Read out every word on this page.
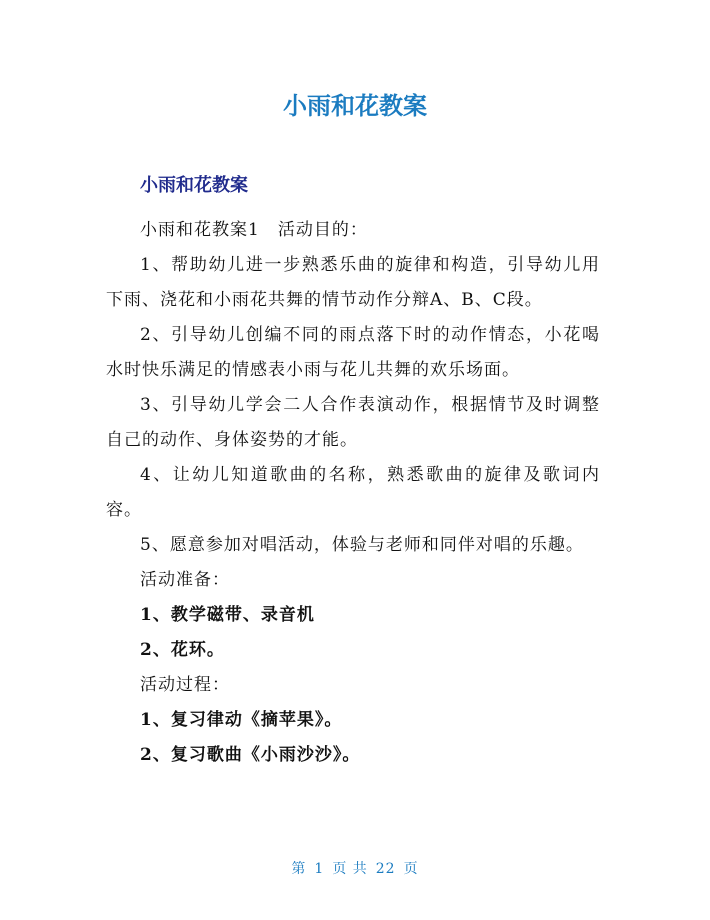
小雨和花教案
小雨和花教案

小雨和花教案1　活动目的：

1、帮助幼儿进一步熟悉乐曲的旋律和构造，引导幼儿用下雨、浇花和小雨花共舞的情节动作分辩A、B、C段。

2、引导幼儿创编不同的雨点落下时的动作情态，小花喝水时快乐满足的情感表小雨与花儿共舞的欢乐场面。

3、引导幼儿学会二人合作表演动作，根据情节及时调整自己的动作、身体姿势的才能。

4、让幼儿知道歌曲的名称，熟悉歌曲的旋律及歌词内容。

5、愿意参加对唱活动，体验与老师和同伴对唱的乐趣。

活动准备：

1、教学磁带、录音机

2、花环。

活动过程：

1、复习律动《摘苹果》。

2、复习歌曲《小雨沙沙》。

第 1 页 共 22 页
